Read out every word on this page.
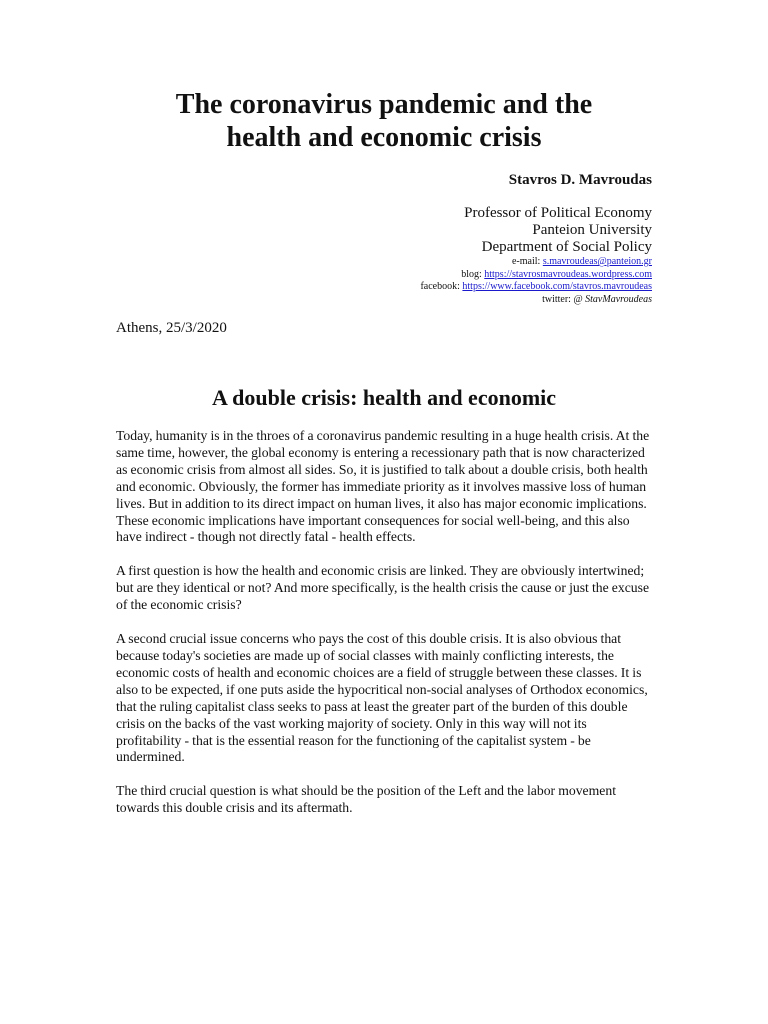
The coronavirus pandemic and the
health and economic crisis
Stavros D. Mavroudas
Professor of Political Economy
Panteion University
Department of Social Policy
e-mail: s.mavroudeas@panteion.gr
blog: https://stavrosmavroudeas.wordpress.com
facebook: https://www.facebook.com/stavros.mavroudeas
twitter: @ StavMavroudeas
Athens, 25/3/2020
A double crisis: health and economic

Today, humanity is in the throes of a coronavirus pandemic resulting in a huge health crisis. At the same time, however, the global economy is entering a recessionary path that is now characterized as economic crisis from almost all sides. So, it is justified to talk about a double crisis, both health and economic. Obviously, the former has immediate priority as it involves massive loss of human lives. But in addition to its direct impact on human lives, it also has major economic implications. These economic implications have important consequences for social well-being, and this also have indirect - though not directly fatal - health effects.

A first question is how the health and economic crisis are linked. They are obviously intertwined; but are they identical or not? And more specifically, is the health crisis the cause or just the excuse of the economic crisis?

A second crucial issue concerns who pays the cost of this double crisis. It is also obvious that because today's societies are made up of social classes with mainly conflicting interests, the economic costs of health and economic choices are a field of struggle between these classes. It is also to be expected, if one puts aside the hypocritical non-social analyses of Orthodox economics, that the ruling capitalist class seeks to pass at least the greater part of the burden of this double crisis on the backs of the vast working majority of society. Only in this way will not its profitability - that is the essential reason for the functioning of the capitalist system - be undermined.

The third crucial question is what should be the position of the Left and the labor movement towards this double crisis and its aftermath.
